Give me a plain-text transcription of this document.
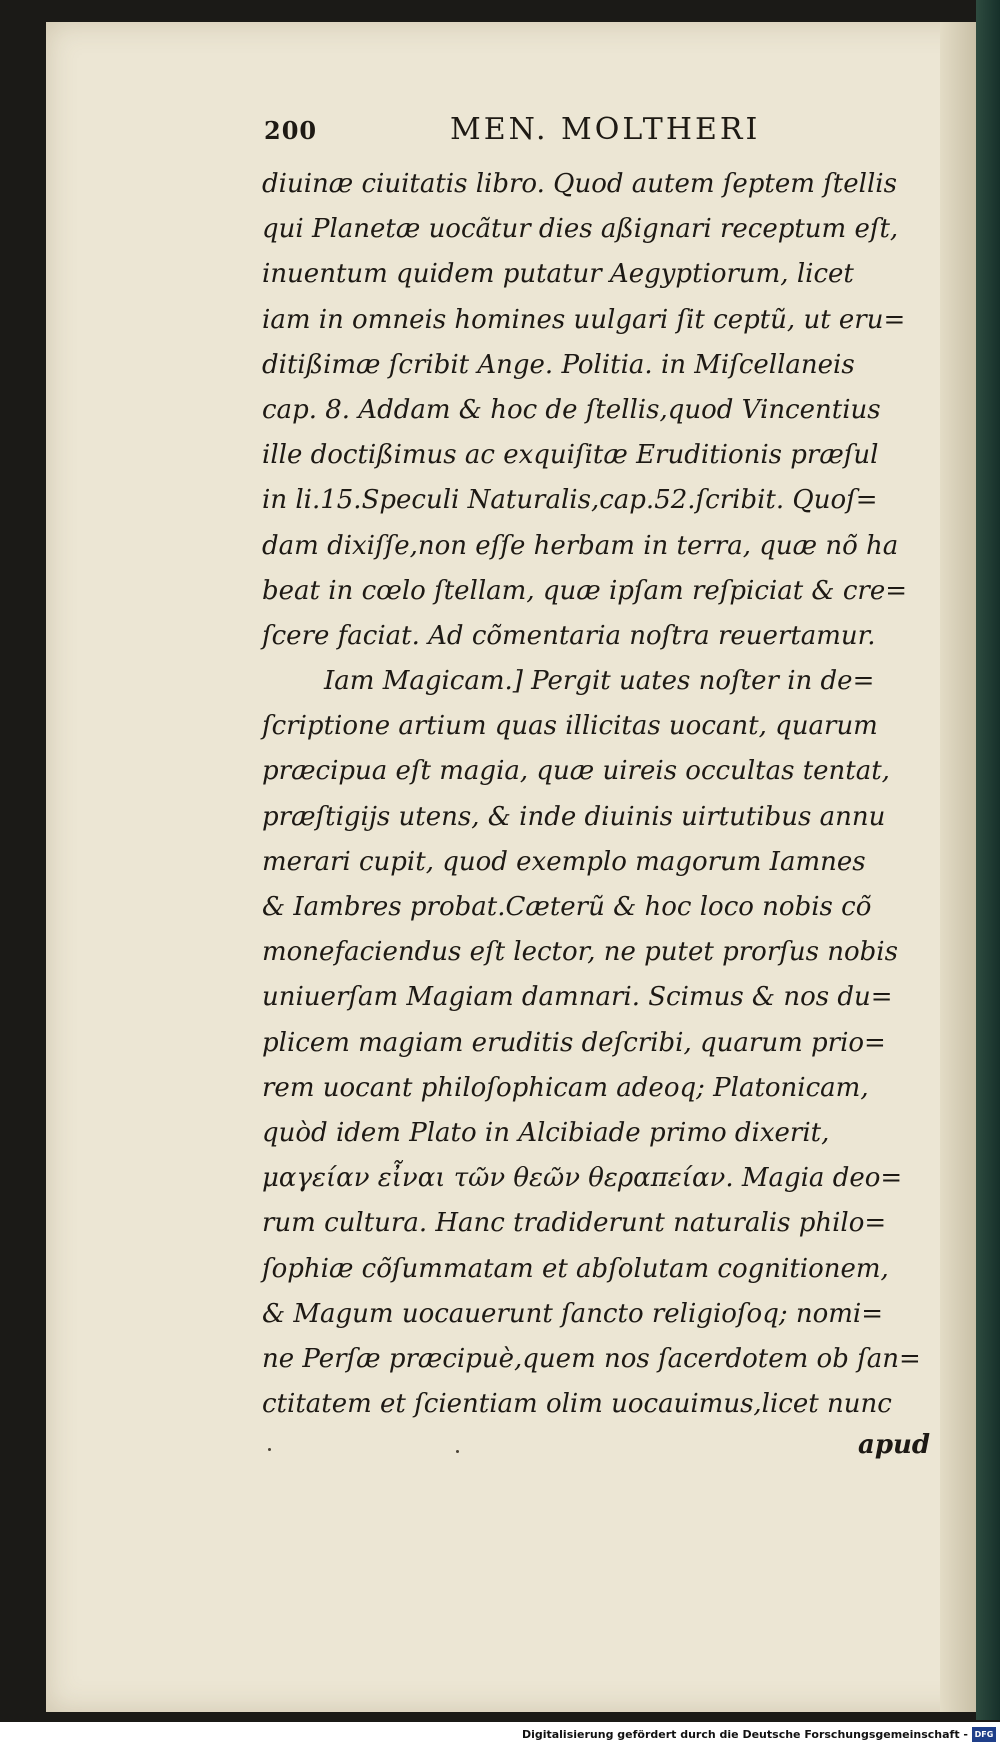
200	MEN. MOLTHERI
diuinæ ciuitatis libro. Quod autem ſeptem ſtellis
qui Planetæ uocãtur dies aßignari receptum eſt,
inuentum quidem putatur Aegyptiorum, licet
iam in omneis homines uulgari ſit ceptũ, ut eru=
ditißimæ ſcribit Ange. Politia. in Miſcellaneis
cap. 8. Addam & hoc de ſtellis,quod Vincentius
ille doctißimus ac exquiſitæ Eruditionis præſul
in li.15.Speculi Naturalis,cap.52.ſcribit. Quoſ=
dam dixiſſe,non eſſe herbam in terra, quæ nõ ha
beat in cœlo ſtellam, quæ ipſam reſpiciat & cre=
ſcere faciat. Ad cõmentaria noſtra reuertamur.
Iam Magicam.] Pergit uates noſter in de=
ſcriptione artium quas illicitas uocant, quarum
præcipua eſt magia, quæ uireis occultas tentat,
præſtigijs utens, & inde diuinis uirtutibus annu
merari cupit, quod exemplo magorum Iamnes
& Iambres probat.Cæterũ & hoc loco nobis cõ
monefaciendus eſt lector, ne putet prorſus nobis
uniuerſam Magiam damnari. Scimus & nos du=
plicem magiam eruditis deſcribi, quarum prio=
rem uocant philoſophicam adeoq; Platonicam,
quòd idem Plato in Alcibiade primo dixerit,
μαγείαν εἶναι τῶν θεῶν θεραπείαν. Magia deo=
rum cultura. Hanc tradiderunt naturalis philo=
ſophiæ cõſummatam et abſolutam cognitionem,
& Magum uocauerunt ſancto religioſoq; nomi=
ne Perſæ præcipuè,quem nos ſacerdotem ob ſan=
ctitatem et ſcientiam olim uocauimus,licet nunc
apud
Digitalisierung gefördert durch die Deutsche Forschungsgemeinschaft - DFG
